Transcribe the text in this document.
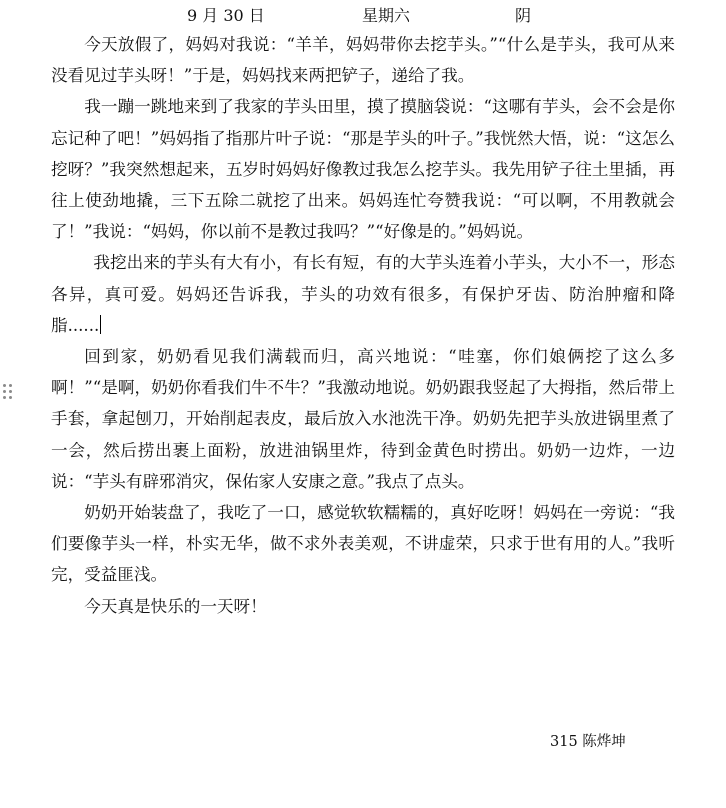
9 月 30 日	星期六	阴

今天放假了，妈妈对我说：“羊羊，妈妈带你去挖芋头。”“什么是芋头，我可从来没看见过芋头呀！”于是，妈妈找来两把铲子，递给了我。

我一蹦一跳地来到了我家的芋头田里，摸了摸脑袋说：“这哪有芋头，会不会是你忘记种了吧！”妈妈指了指那片叶子说：“那是芋头的叶子。”我恍然大悟，说：“这怎么挖呀？”我突然想起来，五岁时妈妈好像教过我怎么挖芋头。我先用铲子往土里插，再往上使劲地撬，三下五除二就挖了出来。妈妈连忙夸赞我说：“可以啊，不用教就会了！”我说：“妈妈，你以前不是教过我吗？”“好像是的。”妈妈说。

我挖出来的芋头有大有小，有长有短，有的大芋头连着小芋头，大小不一，形态各异，真可爱。妈妈还告诉我，芋头的功效有很多，有保护牙齿、防治肿瘤和降脂......

回到家，奶奶看见我们满载而归，高兴地说：“哇塞，你们娘俩挖了这么多啊！”“是啊，奶奶你看我们牛不牛？”我激动地说。奶奶跟我竖起了大拇指，然后带上手套，拿起刨刀，开始削起表皮，最后放入水池洗干净。奶奶先把芋头放进锅里煮了一会，然后捞出裹上面粉，放进油锅里炸，待到金黄色时捞出。奶奶一边炸，一边说：“芋头有辟邪消灾，保佑家人安康之意。”我点了点头。

奶奶开始装盘了，我吃了一口，感觉软软糯糯的，真好吃呀！妈妈在一旁说：“我们要像芋头一样，朴实无华，做不求外表美观，不讲虚荣，只求于世有用的人。”我听完，受益匪浅。

今天真是快乐的一天呀！

315 陈烨坤
